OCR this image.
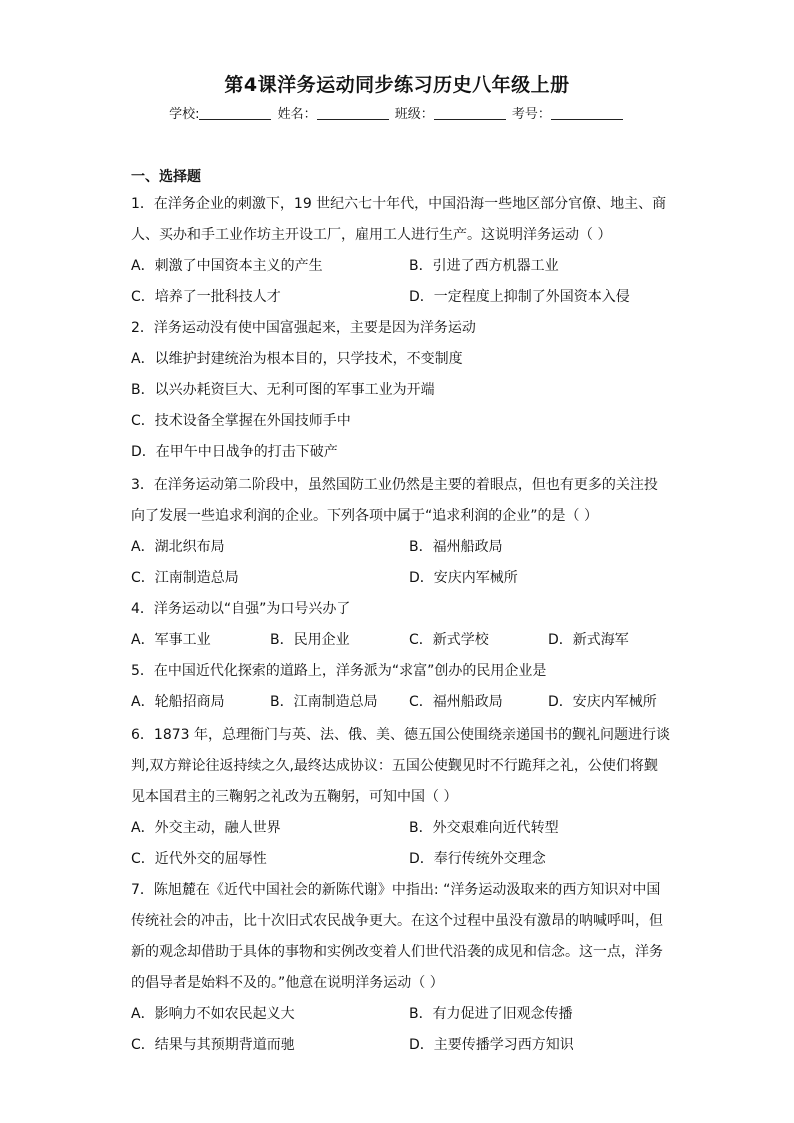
第4课洋务运动同步练习历史八年级上册
学校:	姓名：	班级：	考号：
一、选择题
1．在洋务企业的刺激下，19 世纪六七十年代，中国沿海一些地区部分官僚、地主、商
人、买办和手工业作坊主开设工厂，雇用工人进行生产。这说明洋务运动（ ）
A．刺激了中国资本主义的产生	B．引进了西方机器工业
C．培养了一批科技人才	D．一定程度上抑制了外国资本入侵
2．洋务运动没有使中国富强起来，主要是因为洋务运动
A．以维护封建统治为根本目的，只学技术，不变制度
B．以兴办耗资巨大、无利可图的军事工业为开端
C．技术设备全掌握在外国技师手中
D．在甲午中日战争的打击下破产
3．在洋务运动第二阶段中，虽然国防工业仍然是主要的着眼点，但也有更多的关注投
向了发展一些追求利润的企业。下列各项中属于“追求利润的企业”的是（ ）
A．湖北织布局	B．福州船政局
C．江南制造总局	D．安庆内军械所
4．洋务运动以“自强”为口号兴办了
A．军事工业	B．民用企业	C．新式学校	D．新式海军
5．在中国近代化探索的道路上，洋务派为“求富”创办的民用企业是
A．轮船招商局	B．江南制造总局 C．福州船政局	D．安庆内军械所
6．1873 年，总理衙门与英、法、俄、美、德五国公使围绕亲递国书的觐礼问题进行谈
判,双方辩论往返持续之久,最终达成协议：五国公使觐见时不行跪拜之礼，公使们将觐
见本国君主的三鞠躬之礼改为五鞠躬，可知中国（ ）
A．外交主动，融人世界	B．外交艰难向近代转型
C．近代外交的屈辱性	D．奉行传统外交理念
7．陈旭麓在《近代中国社会的新陈代谢》中指出: “洋务运动汲取来的西方知识对中国
传统社会的冲击，比十次旧式农民战争更大。在这个过程中虽没有激昂的呐喊呼叫，但
新的观念却借助于具体的事物和实例改变着人们世代沿袭的成见和信念。这一点，洋务
的倡导者是始料不及的。”他意在说明洋务运动（ ）
A．影响力不如农民起义大	B．有力促进了旧观念传播
C．结果与其预期背道而驰	D．主要传播学习西方知识
